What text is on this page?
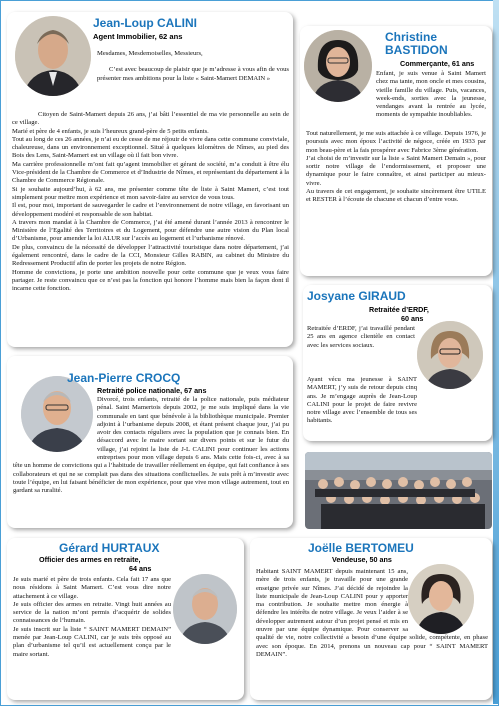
Jean-Loup CALINI
Agent Immobilier, 62 ans

Mesdames, Mesdemoiselles, Messieurs,

C’est avec beaucoup de plaisir que je m’adresse à vous afin de vous présenter mes ambitions pour la liste « Saint-Mamert DEMAIN »

Citoyen de Saint-Mamert depuis 26 ans, j’ai bâti l’essentiel de ma vie personnelle au sein de ce village.

Marié et père de 4 enfants, je suis l’heureux grand-père de 5 petits enfants.

Tout au long de ces 26 années, je n’ai eu de cesse de me réjouir de vivre dans cette commune conviviale, chaleureuse, dans un environnement exceptionnel. Situé à quelques kilomètres de Nîmes, au pied des Bois des Lens, Saint-Mamert est un village où il fait bon vivre.

Ma carrière professionnelle m’ont fait qu’agent immobilier et gérant de société, m’a conduit à être élu Vice-président de la Chambre de Commerce et d’Industrie de Nîmes, et représentant du département à la Chambre de Commerce Régionale.

Si je souhaite aujourd’hui, à 62 ans, me présenter comme tête de liste à Saint Mamert, c’est tout simplement pour mettre mon expérience et mon savoir-faire au service de vous tous.

Il est, pour moi, important de sauvegarder le cadre et l’environnement de notre village, en favorisant un développement modéré et responsable de son habitat.

A travers mon mandat à la Chambre de Commerce, j’ai été amené durant l’année 2013 à rencontrer le Ministère de l’Egalité des Territoires et du Logement, pour défendre une autre vision du Plan local d’Urbanisme, pour amender la loi ALUR sur l’accès au logement et l’urbanisme rénové.

De plus, convaincu de la nécessité de développer l’attractivité touristique dans notre département, j’ai également rencontré, dans le cadre de la CCI, Monsieur Gilles RABIN, au cabinet du Ministre du Redressement Productif afin de porter les projets de notre Région.

Homme de convictions, je porte une ambition nouvelle pour cette commune que je veux vous faire partager. Je reste convaincu que ce n’est pas la fonction qui honore l’homme mais bien la façon dont il incarne cette fonction.

Christine
BASTIDON
Commerçante, 61 ans

Enfant, je suis venue à Saint Mamert chez ma tante, mon oncle et mes cousins, vieille famille du village. Puis, vacances, week-ends, sorties avec la jeunesse, vendanges avant la rentrée au lycée, moments de sympathie inoubliables.

Tout naturellement, je me suis attachée à ce village. Depuis 1976, je poursuis avec mon époux l’activité de négoce, créée en 1933 par mon beau-père et la fais prospérer avec Fabrice 3ème génération.

J’ai choisi de m’investir sur la liste « Saint Mamert Demain », pour sortir notre village de l’endormissement, et proposer une dynamique pour le faire connaître, et ainsi participer au mieux-vivre.

Au travers de cet engagement, je souhaite sincèrement être UTILE et RESTER à l’écoute de chacune et chacun d’entre vous.

Josyane GIRAUD
Retraitée d’ERDF,
60 ans

Retraitée d’ERDF, j’ai travaillé pendant 25 ans en agence clientèle en contact avec les services sociaux.

Ayant vécu ma jeunesse à SAINT MAMERT, j’y suis de retour depuis cinq ans. Je m’engage auprès de Jean-Loup CALINI pour le projet de faire revivre notre village avec l’ensemble de tous ses habitants.

Jean-Pierre CROCQ
Retraité police nationale, 67 ans

Divorcé, trois enfants, retraité de la police nationale, puis médiateur pénal. Saint Mamertois depuis 2002, je me suis impliqué dans la vie communale en tant que bénévole à la bibliothèque municipale. Premier adjoint à l’urbanisme depuis 2008, et étant présent chaque jour, j’ai pu avoir des contacts réguliers avec la population que je connais bien. En désaccord avec le maire sortant sur divers points et sur le futur du village, j’ai rejoint la liste de J-L CALINI pour continuer les actions entreprises pour mon village depuis 6 ans. Mais cette fois-ci, avec à sa tête un homme de convictions qui a l’habitude de travailler réellement en équipe, qui fait confiance à ses collaborateurs et qui ne se complait pas dans des situations conflictuelles. Je suis prêt à m’investir avec toute l’équipe, en lui faisant bénéficier de mon expérience, pour que vive mon village autrement, tout en gardant sa ruralité.

Gérard HURTAUX
Officier des armes en retraite,
64 ans

Je suis marié et père de trois enfants. Cela fait 17 ans que nous résidons à Saint Mamert. C’est vous dire notre attachement à ce village.

Je suis officier des armes en retraite. Vingt huit années au service de la nation m’ont permis d’acquérir de solides connaissances de l’humain.

Je suis inscrit sur la liste “ SAINT MAMERT DEMAIN” menée par Jean-Loup CALINI, car je suis très opposé au plan d’urbanisme tel qu’il est actuellement conçu par le maire sortant.

Joëlle BERTOMEU
Vendeuse, 50 ans

Habitant SAINT MAMERT depuis maintenant 15 ans, mère de trois enfants, je travaille pour une grande enseigne privée sur Nîmes. J’ai décidé de rejoindre la liste municipale de Jean-Loup CALINI pour y apporter ma contribution. Je souhaite mettre mon énergie à défendre les intérêts de notre village. Je veux l’aider à se développer autrement autour d’un projet pensé et mis en œuvre par une équipe dynamique. Pour conserver sa qualité de vie, notre collectivité a besoin d’une équipe solide, compétente, en phase avec son époque. En 2014, prenons un nouveau cap pour “ SAINT MAMERT DEMAIN”.
